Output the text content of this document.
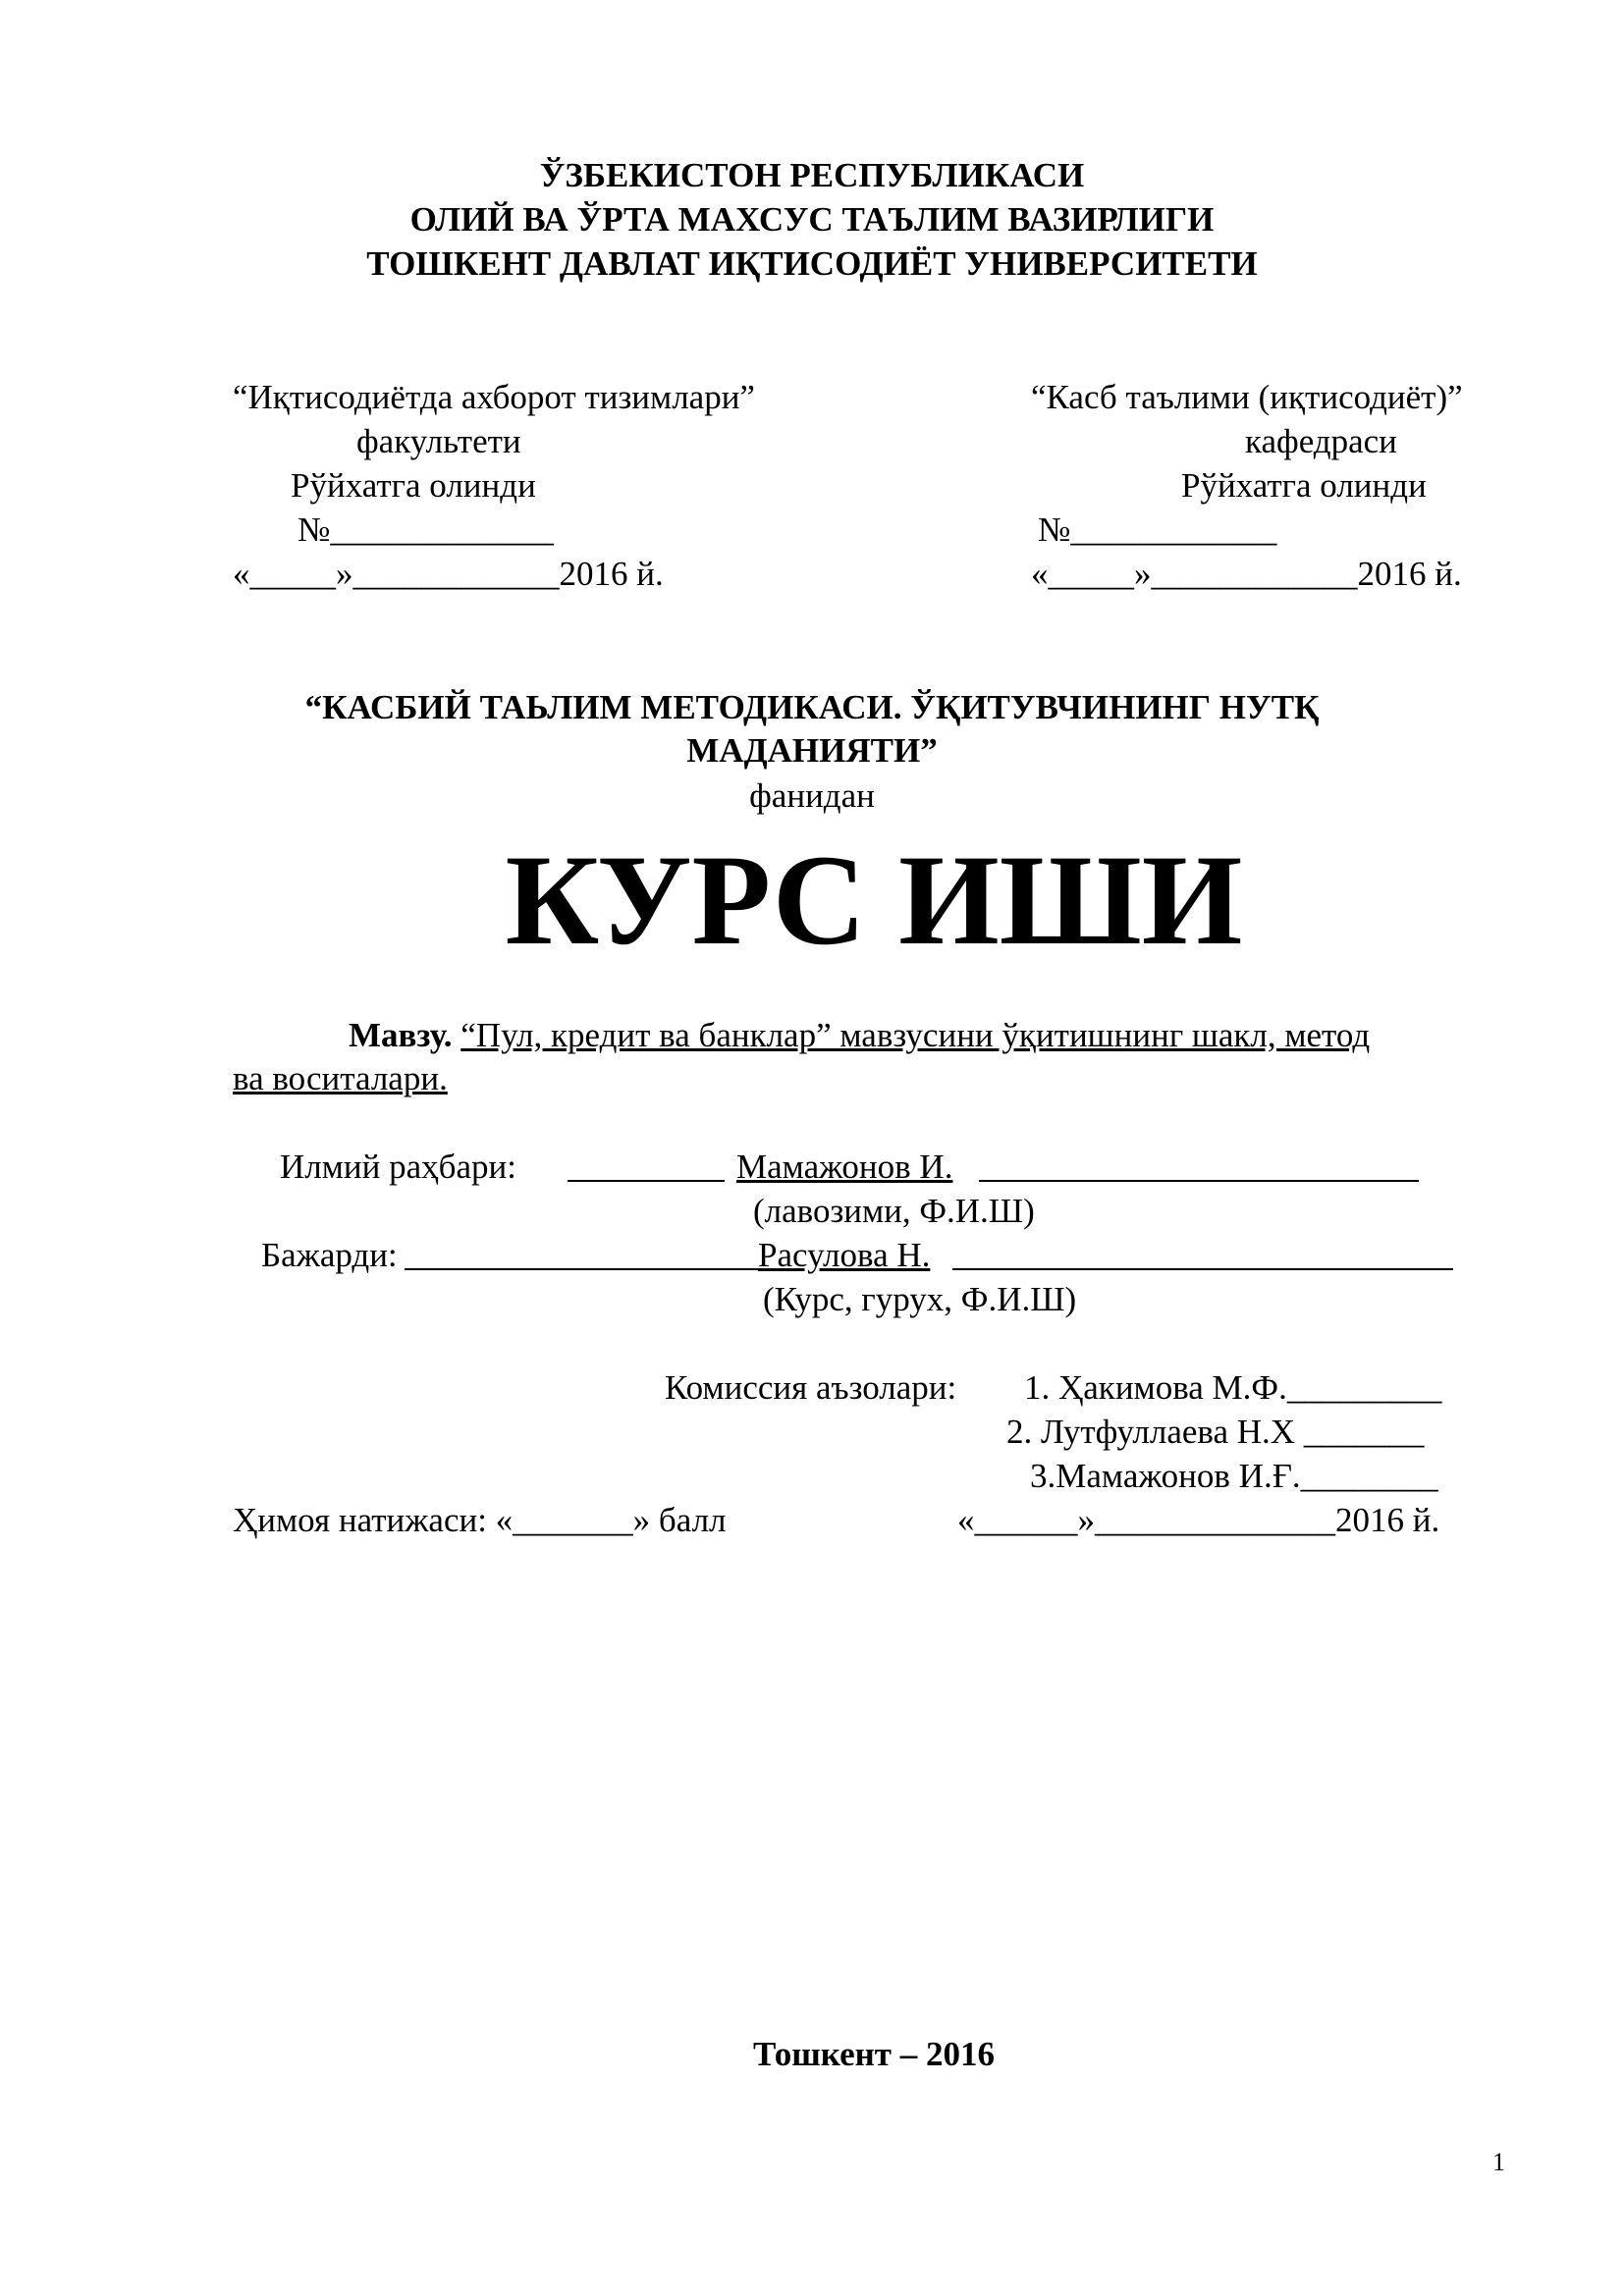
ЎЗБЕКИСТОН РЕСПУБЛИКАСИ
ОЛИЙ ВА ЎРТА МАХСУС ТАЪЛИМ ВАЗИРЛИГИ
ТОШКЕНТ ДАВЛАТ ИҚТИСОДИЁТ УНИВЕРСИТЕТИ
“Иқтисодиётда ахборот тизимлари”
факультети
Рўйхатга олинди
№_____________
«_____»____________2016 й.
“Касб таълими (иқтисодиёт)”
кафедраси
Рўйхатга олинди
№____________
«_____»____________2016 й.
“КАСБИЙ ТАЬЛИМ МЕТОДИКАСИ. ЎҚИТУВЧИНИНГ НУТҚ
МАДАНИЯТИ”
фанидан
КУРС ИШИ
Мавзу. “Пул, кредит ва банклар” мавзусини ўқитишнинг шакл, метод
ва воситалари.
Илмий раҳбари:	Мамажонов И.
(лавозими, Ф.И.Ш)
Бажарди:	Расулова Н.
(Курс, гурух, Ф.И.Ш)
Комиссия аъзолари: 1. Ҳакимова М.Ф._________
2. Лутфуллаева Н.Х _______
3.Мамажонов И.Ғ.________
Ҳимоя натижаси: «_______» балл	«______»______________2016 й.
Тошкент – 2016
1
